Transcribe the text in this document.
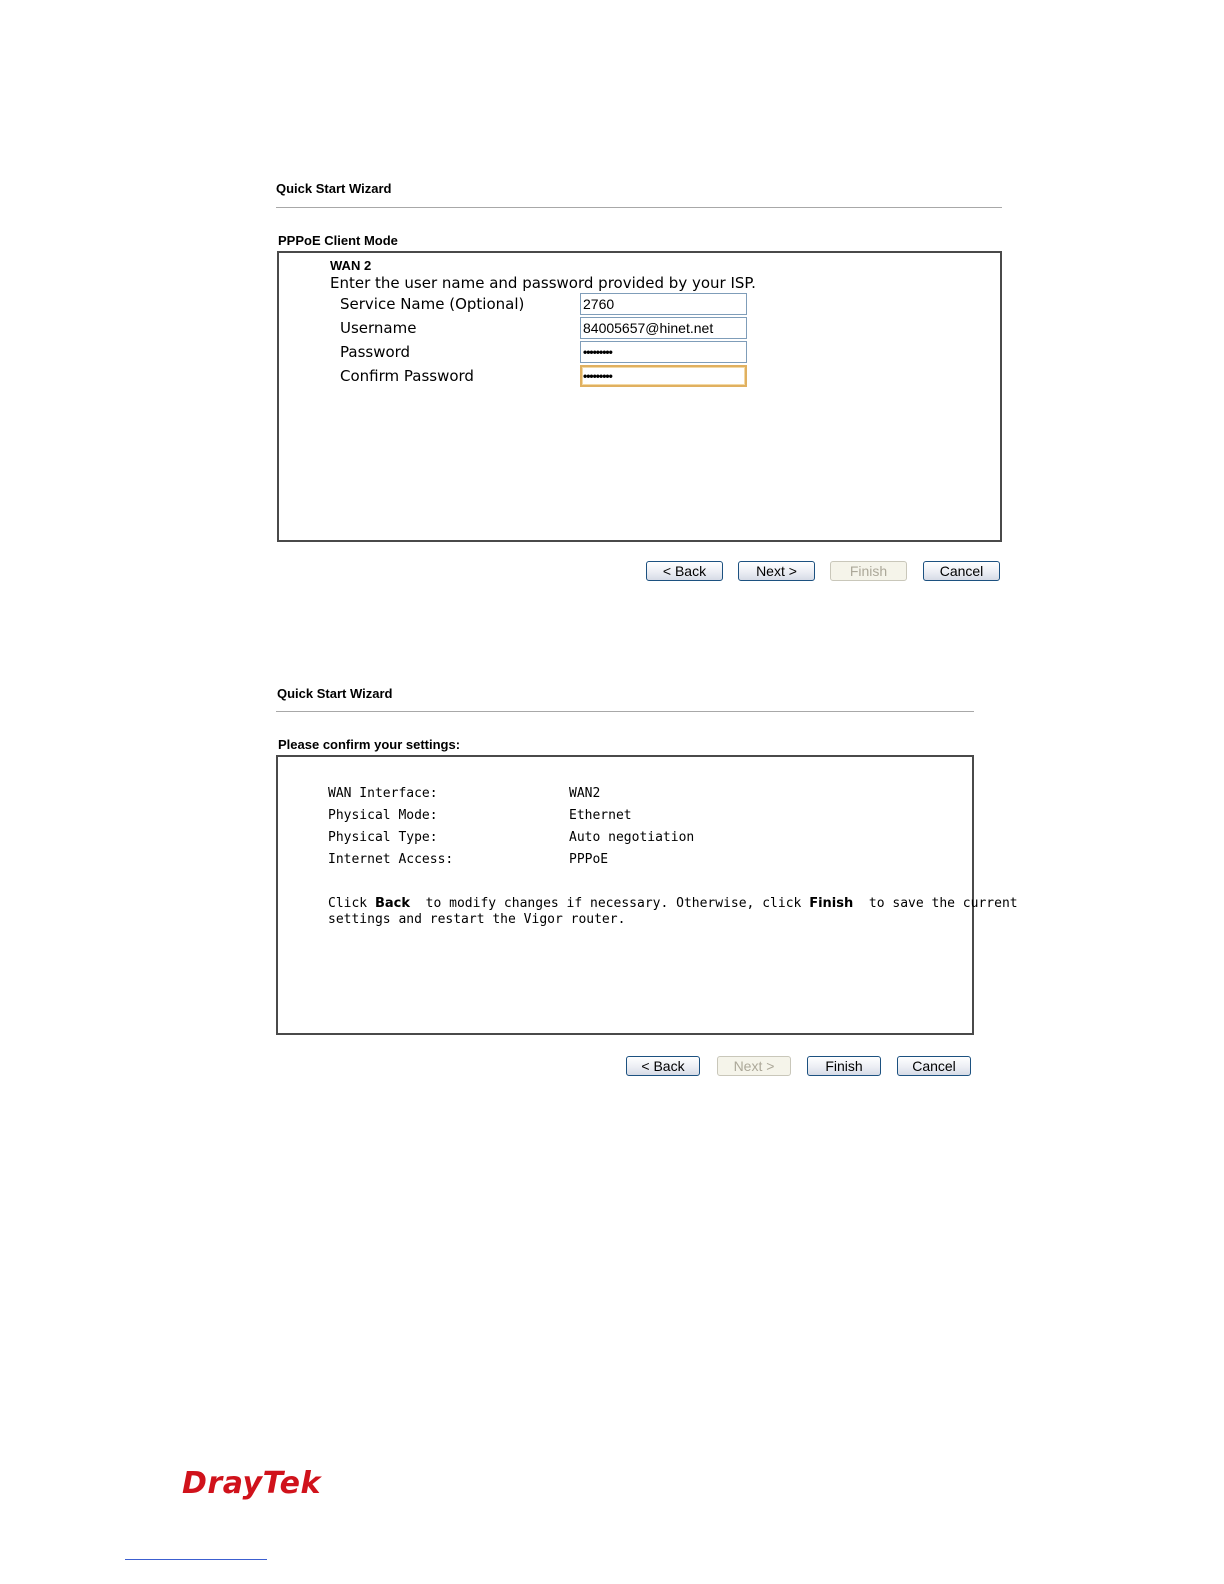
Quick Start Wizard
PPPoE Client Mode
WAN 2
Enter the user name and password provided by your ISP.
Service Name (Optional)	2760
Username	84005657@hinet.net
Password	•••••••••
Confirm Password	•••••••••
< Back	Next >	Finish	Cancel
Quick Start Wizard
Please confirm your settings:
WAN Interface:	WAN2
Physical Mode:	Ethernet
Physical Type:	Auto negotiation
Internet Access:	PPPoE
Click Back  to modify changes if necessary. Otherwise, click Finish  to save the current
settings and restart the Vigor router.
< Back	Next >	Finish	Cancel
DrayTek
